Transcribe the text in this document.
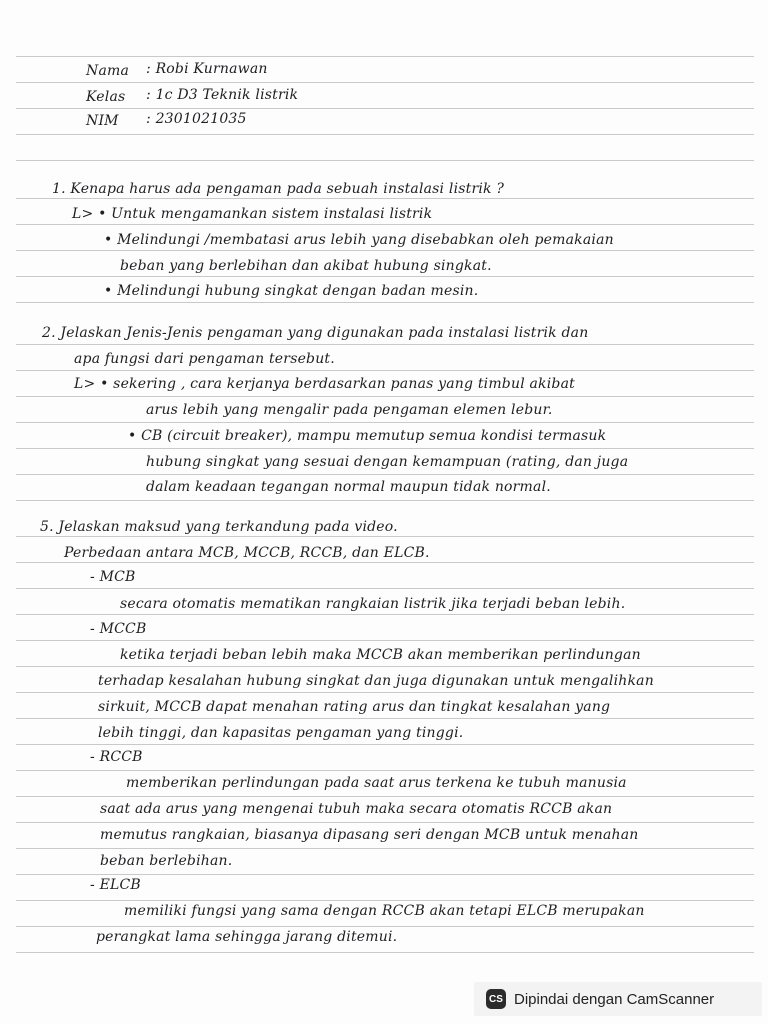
Nama : Robi Kurnawan
Kelas : 1c D3 Teknik listrik
NIM : 2301021035
1. Kenapa harus ada pengaman pada sebuah instalasi listrik ?
L> • Untuk mengamankan sistem instalasi listrik
• Melindungi /membatasi arus lebih yang disebabkan oleh pemakaian
beban yang berlebihan dan akibat hubung singkat.
• Melindungi hubung singkat dengan badan mesin.
2. Jelaskan Jenis-Jenis pengaman yang digunakan pada instalasi listrik dan
apa fungsi dari pengaman tersebut.
L> • sekering , cara kerjanya berdasarkan panas yang timbul akibat
arus lebih yang mengalir pada pengaman elemen lebur.
• CB (circuit breaker), mampu memutup semua kondisi termasuk
hubung singkat yang sesuai dengan kemampuan (rating, dan juga
dalam keadaan tegangan normal maupun tidak normal.
5. Jelaskan maksud yang terkandung pada video.
Perbedaan antara MCB, MCCB, RCCB, dan ELCB.
- MCB
secara otomatis mematikan rangkaian listrik jika terjadi beban lebih.
- MCCB
ketika terjadi beban lebih maka MCCB akan memberikan perlindungan
terhadap kesalahan hubung singkat dan juga digunakan untuk mengalihkan
sirkuit, MCCB dapat menahan rating arus dan tingkat kesalahan yang
lebih tinggi, dan kapasitas pengaman yang tinggi.
- RCCB
memberikan perlindungan pada saat arus terkena ke tubuh manusia
saat ada arus yang mengenai tubuh maka secara otomatis RCCB akan
memutus rangkaian, biasanya dipasang seri dengan MCB untuk menahan
beban berlebihan.
- ELCB
memiliki fungsi yang sama dengan RCCB akan tetapi ELCB merupakan
perangkat lama sehingga jarang ditemui.
CS Dipindai dengan CamScanner
